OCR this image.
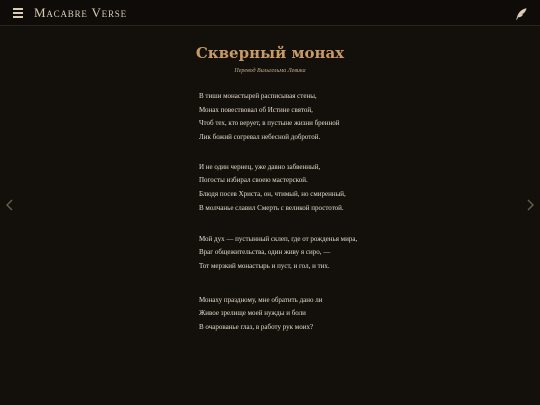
Macabre Verse
Скверный монах
Перевод Вильгельма Левика
В тиши монастырей расписывая стены,
Монах повествовал об Истине святой,
Чтоб тех, кто верует, в пустыне жизни бренной
Лик божий согревал небесной добротой.
И не один чернец, уже давно забвенный,
Погосты избирал своею мастерской.
Блюдя посев Христа, он, чтимый, но смиренный,
В молчанье славил Смерть с великой простотой.
Мой дух — пустынный склеп, где от рожденья мира,
Враг общежительства, один живу я сиро, —
Тот мерзкий монастырь и пуст, и гол, и тих.
Монаху праздному, мне обратить дано ли
Живое зрелище моей нужды и боли
В очарованье глаз, в работу рук моих?
